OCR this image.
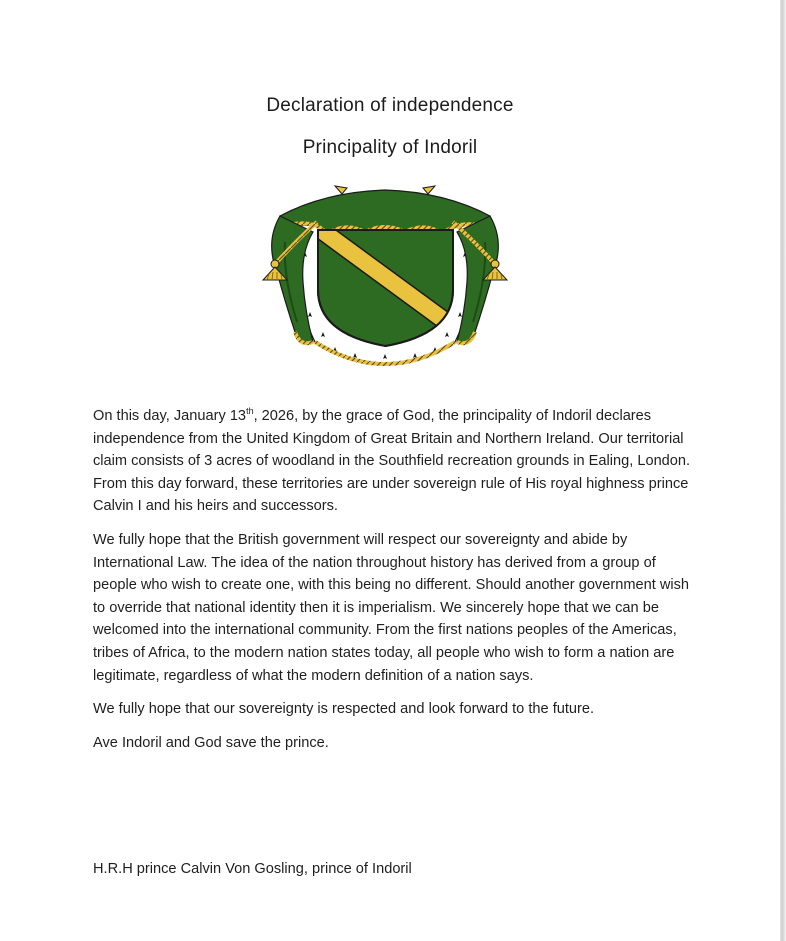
Declaration of independence
Principality of Indoril

On this day, January 13th, 2026, by the grace of God, the principality of Indoril declares independence from the United Kingdom of Great Britain and Northern Ireland. Our territorial claim consists of 3 acres of woodland in the Southfield recreation grounds in Ealing, London. From this day forward, these territories are under sovereign rule of His royal highness prince Calvin I and his heirs and successors.

We fully hope that the British government will respect our sovereignty and abide by International Law. The idea of the nation throughout history has derived from a group of people who wish to create one, with this being no different. Should another government wish to override that national identity then it is imperialism. We sincerely hope that we can be welcomed into the international community. From the first nations peoples of the Americas, tribes of Africa, to the modern nation states today, all people who wish to form a nation are legitimate, regardless of what the modern definition of a nation says.

We fully hope that our sovereignty is respected and look forward to the future.

Ave Indoril and God save the prince.

H.R.H prince Calvin Von Gosling, prince of Indoril
